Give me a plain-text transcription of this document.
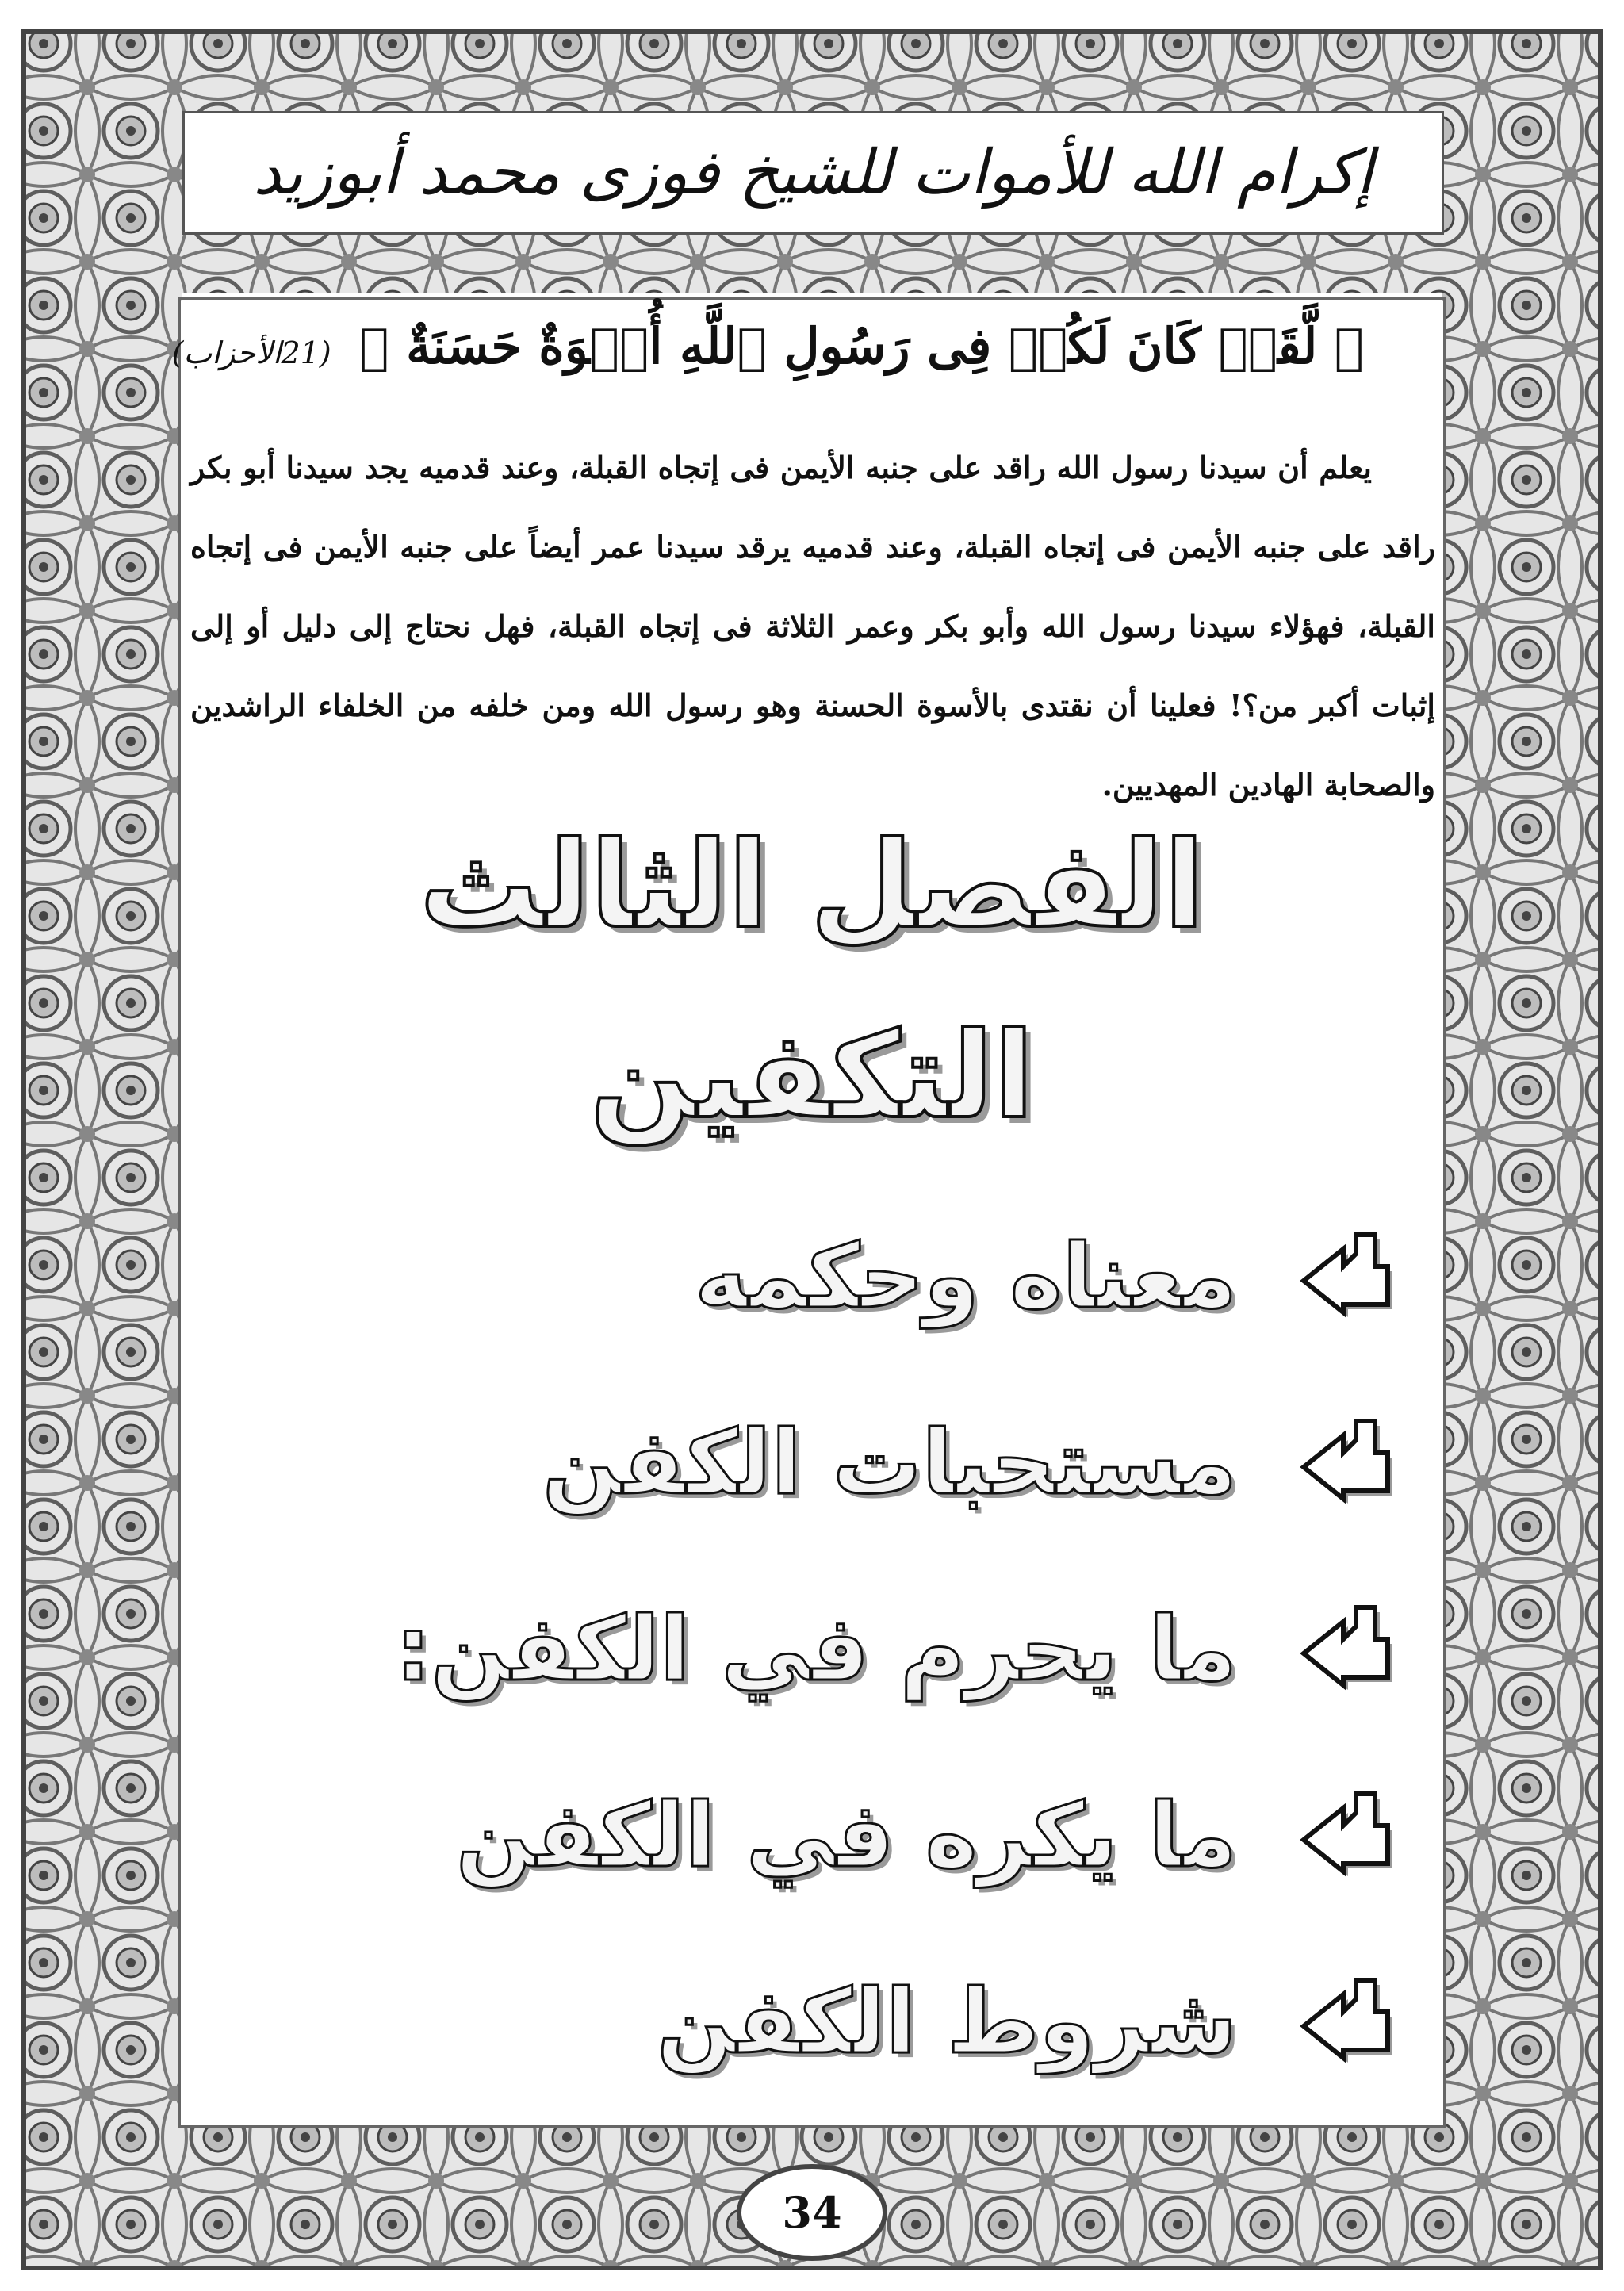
إكرام الله للأموات للشيخ فوزى محمد أبوزيد
﴿ لَّقَدۡ كَانَ لَكُمۡ فِى رَسُولِ ٱللَّهِ أُسۡوَةٌ حَسَنَةٌ ﴾ (21الأحزاب)
يعلم أن سيدنا رسول الله راقد على جنبه الأيمن فى إتجاه القبلة، وعند قدميه يجد سيدنا أبو بكر راقد على جنبه الأيمن فى إتجاه القبلة، وعند قدميه يرقد سيدنا عمر أيضاً على جنبه الأيمن فى إتجاه القبلة، فهؤلاء سيدنا رسول الله وأبو بكر وعمر الثلاثة فى إتجاه القبلة، فهل نحتاج إلى دليل أو إلى إثبات أكبر من؟! فعلينا أن نقتدى بالأسوة الحسنة وهو رسول الله ومن خلفه من الخلفاء الراشدين والصحابة الهادين المهديين.
الفصل الثالث
التكفين
معناه وحكمه
مستحبات الكفن
ما يحرم في الكفن:
ما يكره في الكفن
شروط الكفن
34
